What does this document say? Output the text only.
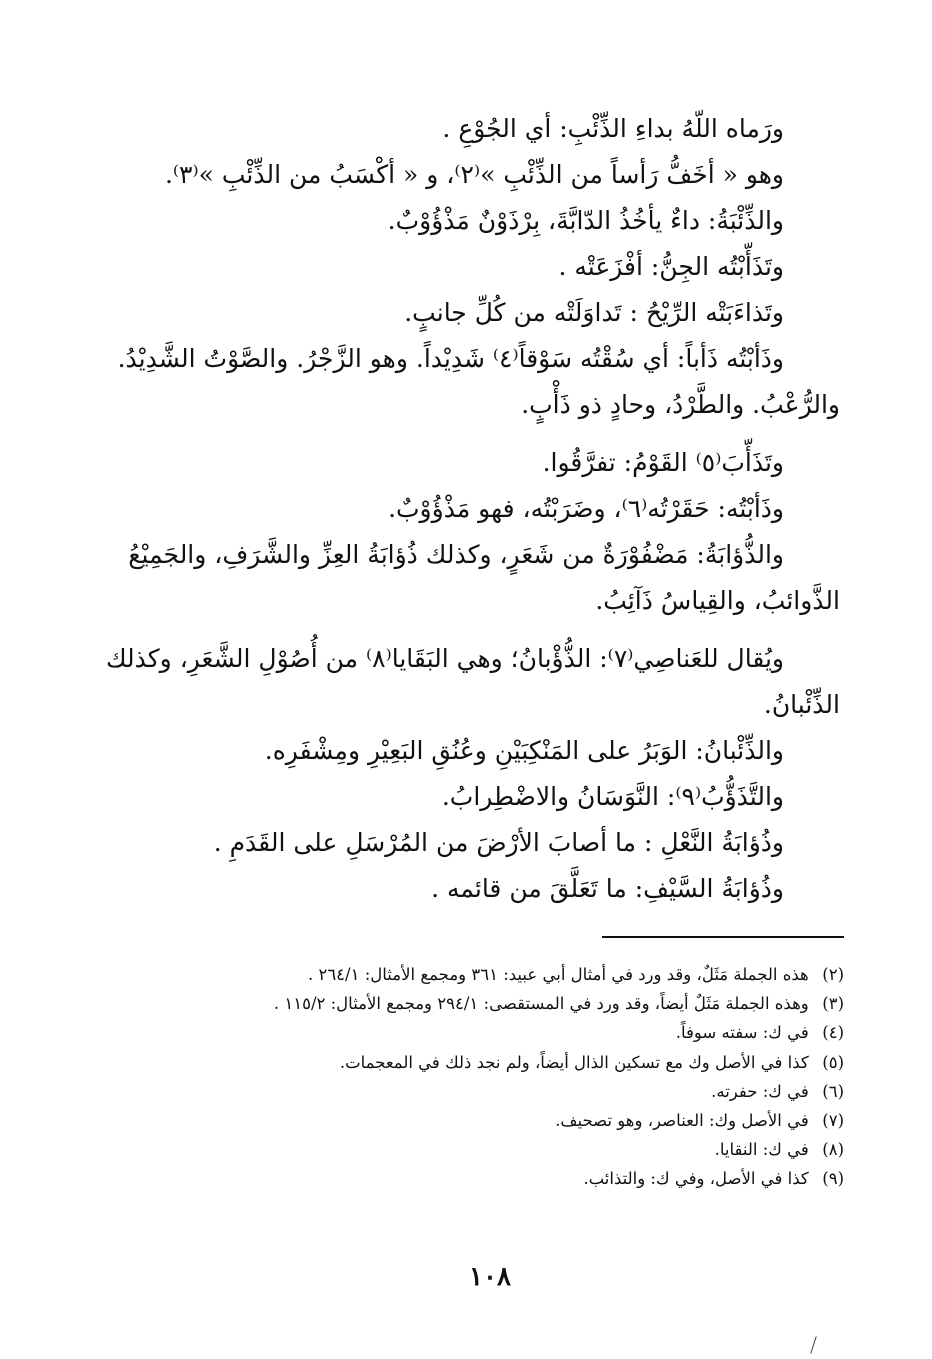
ورَماه اللّهُ بداءِ الذِّئْبِ: أي الجُوْعِ .

وهو « أخَفُّ رَأساً من الذِّئْبِ »⁽٢⁾، و « أكْسَبُ من الذِّئْبِ »⁽٣⁾.

والذِّئْبَةُ: داءٌ يأخُذُ الدّابَّةَ، بِرْذَوْنٌ مَذْؤُوْبٌ.

وتَذَأّبْتُه الجِنُّ: أفْزَعَتْه .

وتَذاءَبَتْه الرِّيْحُ : تَداوَلَتْه من كُلِّ جانبٍ.

وذَأبْتُه ذَأباً: أي سُقْتُه سَوْقاً⁽٤⁾ شَدِيْداً. وهو الزَّجْرُ. والصَّوْتُ الشَّدِيْدُ.

والرُّعْبُ. والطَّرْدُ، وحادٍ ذو ذَأْبٍ.

وتَذَأّبَ⁽٥⁾ القَوْمُ: تفرَّقُوا.

وذَأبْتُه: حَقَرْتُه⁽٦⁾، وضَرَبْتُه، فهو مَذْؤُوْبٌ.

والذُّؤابَةُ: مَضْفُوْرَةٌ من شَعَرٍ، وكذلك ذُؤابَةُ العِزِّ والشَّرَفِ، والجَمِيْعُ

الذَّوائبُ، والقِياسُ ذَآئِبُ.

ويُقال للعَناصِي⁽٧⁾: الذُّؤْبانُ؛ وهي البَقَايا⁽٨⁾ من أُصُوْلِ الشَّعَرِ، وكذلك

الذِّئْبانُ.

والذِّئْبانُ: الوَبَرُ على المَنْكِبَيْنِ وعُنُقِ البَعِيْرِ ومِشْفَرِه.

والتَّذَؤُّبُ⁽٩⁾: النَّوَسَانُ والاضْطِرابُ.

وذُؤابَةُ النَّعْلِ : ما أصابَ الأرْضَ من المُرْسَلِ على القَدَمِ .

وذُؤابَةُ السَّيْفِ: ما تَعَلَّقَ من قائمه .

(٢) هذه الجملة مَثَلٌ، وقد ورد في أمثال أبي عبيد: ٣٦١ ومجمع الأمثال: ٢٦٤/١ .

(٣) وهذه الجملة مَثَلٌ أيضاً، وقد ورد في المستقصى: ٢٩٤/١ ومجمع الأمثال: ١١٥/٢ .

(٤) في ك: سفته سوفاً.

(٥) كذا في الأصل وك مع تسكين الذال أيضاً، ولم نجد ذلك في المعجمات.

(٦) في ك: حفرته.

(٧) في الأصل وك: العناصر، وهو تصحيف.

(٨) في ك: النقايا.

(٩) كذا في الأصل، وفي ك: والتذائب.

١٠٨
